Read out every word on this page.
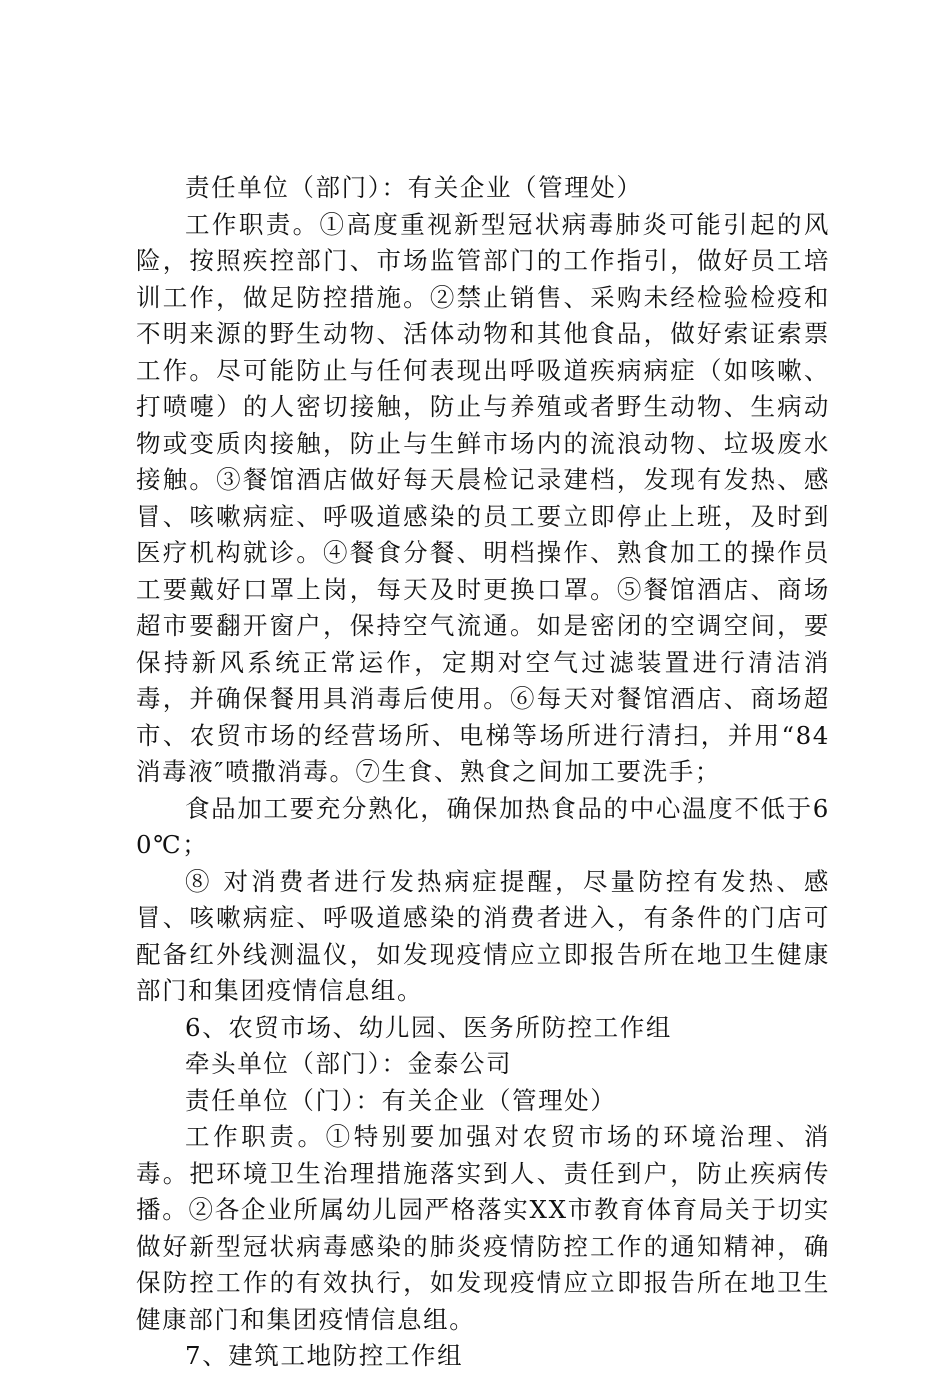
责任单位（部门）：有关企业（管理处）

工作职责。①高度重视新型冠状病毒肺炎可能引起的风险，按照疾控部门、市场监管部门的工作指引，做好员工培训工作，做足防控措施。②禁止销售、采购未经检验检疫和不明来源的野生动物、活体动物和其他食品，做好索证索票工作。尽可能防止与任何表现出呼吸道疾病病症（如咳嗽、打喷嚏）的人密切接触，防止与养殖或者野生动物、生病动物或变质肉接触，防止与生鲜市场内的流浪动物、垃圾废水接触。③餐馆酒店做好每天晨检记录建档，发现有发热、感冒、咳嗽病症、呼吸道感染的员工要立即停止上班，及时到医疗机构就诊。④餐食分餐、明档操作、熟食加工的操作员工要戴好口罩上岗，每天及时更换口罩。⑤餐馆酒店、商场超市要翻开窗户，保持空气流通。如是密闭的空调空间，要保持新风系统正常运作，定期对空气过滤装置进行清洁消毒，并确保餐用具消毒后使用。⑥每天对餐馆酒店、商场超市、农贸市场的经营场所、电梯等场所进行清扫，并用“84消毒液″喷撒消毒。⑦生食、熟食之间加工要洗手；

食品加工要充分熟化，确保加热食品的中心温度不低于60℃；

⑧ 对消费者进行发热病症提醒，尽量防控有发热、感冒、咳嗽病症、呼吸道感染的消费者进入，有条件的门店可配备红外线测温仪，如发现疫情应立即报告所在地卫生健康部门和集团疫情信息组。

6、农贸市场、幼儿园、医务所防控工作组

牵头单位（部门）：金泰公司

责任单位（门）：有关企业（管理处）

工作职责。①特别要加强对农贸市场的环境治理、消毒。把环境卫生治理措施落实到人、责任到户，防止疾病传播。②各企业所属幼儿园严格落实XX市教育体育局关于切实做好新型冠状病毒感染的肺炎疫情防控工作的通知精神，确保防控工作的有效执行，如发现疫情应立即报告所在地卫生健康部门和集团疫情信息组。

7、建筑工地防控工作组
